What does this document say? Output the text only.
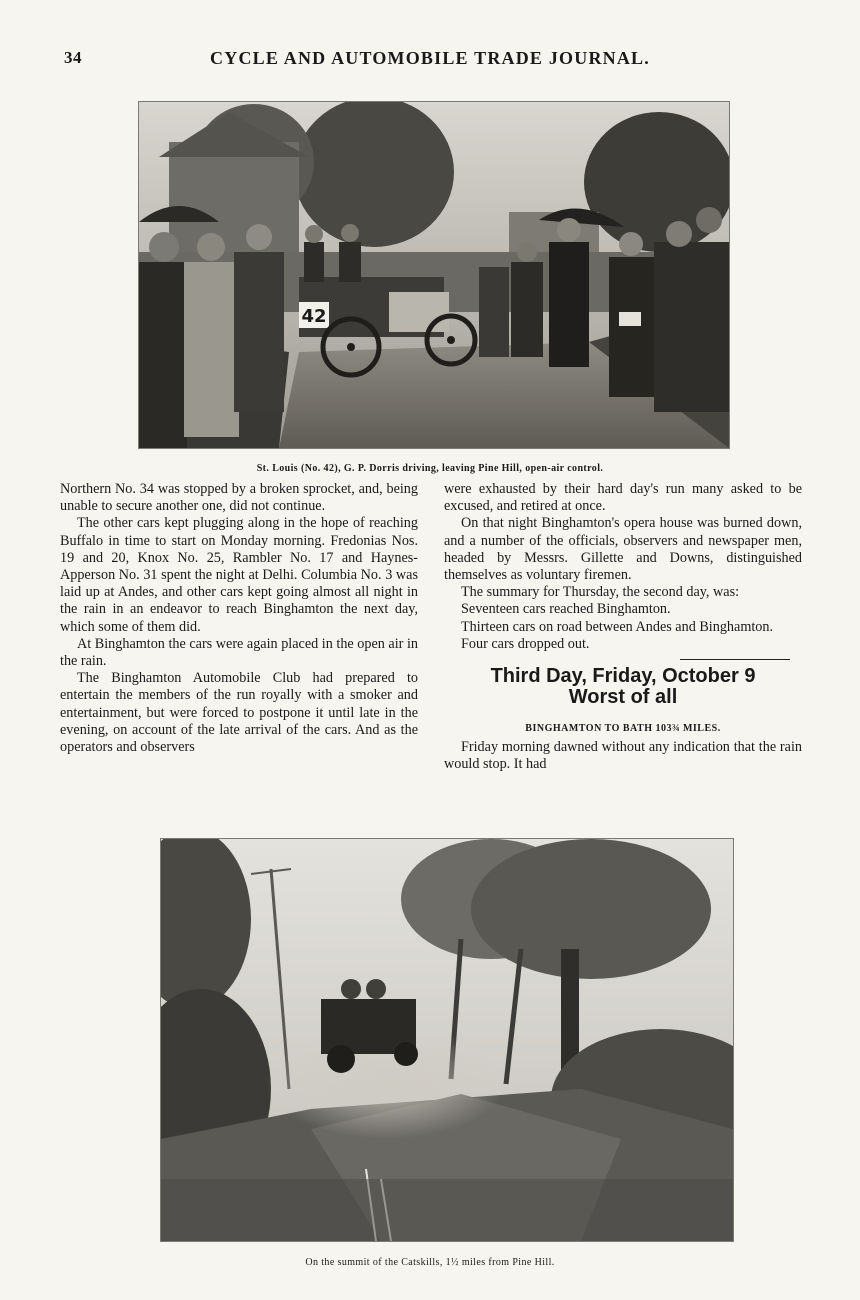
34	CYCLE AND AUTOMOBILE TRADE JOURNAL.
42
St. Louis (No. 42), G. P. Dorris driving, leaving Pine Hill, open-air control.

Northern No. 34 was stopped by a broken sprocket, and, being unable to secure another one, did not continue.

The other cars kept plugging along in the hope of reaching Buffalo in time to start on Monday morning. Fredonias Nos. 19 and 20, Knox No. 25, Rambler No. 17 and Haynes-Apperson No. 31 spent the night at Delhi. Columbia No. 3 was laid up at Andes, and other cars kept going almost all night in the rain in an endeavor to reach Binghamton the next day, which some of them did.

At Binghamton the cars were again placed in the open air in the rain.

The Binghamton Automobile Club had prepared to entertain the members of the run royally with a smoker and entertainment, but were forced to postpone it until late in the evening, on account of the late arrival of the cars. And as the operators and observers

were exhausted by their hard day's run many asked to be excused, and retired at once.

On that night Binghamton's opera house was burned down, and a number of the officials, observers and newspaper men, headed by Messrs. Gillette and Downs, distinguished themselves as voluntary firemen.

The summary for Thursday, the second day, was:

Seventeen cars reached Binghamton.

Thirteen cars on road between Andes and Binghamton.

Four cars dropped out.

Third Day, Friday, October 9
Worst of all
BINGHAMTON TO BATH 103¾ MILES.

Friday morning dawned without any indication that the rain would stop. It had

On the summit of the Catskills, 1½ miles from Pine Hill.
